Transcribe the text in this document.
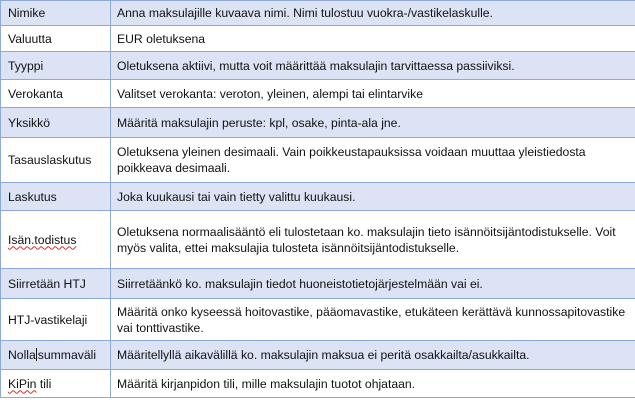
Nimike	Anna maksulajille kuvaava nimi. Nimi tulostuu vuokra-/vastikelaskulle.
Valuutta	EUR oletuksena
Tyyppi	Oletuksena aktiivi, mutta voit määrittää maksulajin tarvittaessa passiiviksi.
Verokanta	Valitset verokanta: veroton, yleinen, alempi tai elintarvike
Yksikkö	Määritä maksulajin peruste: kpl, osake, pinta-ala jne.
Tasauslaskutus	Oletuksena yleinen desimaali. Vain poikkeustapauksissa voidaan muuttaa yleistiedosta poikkeava desimaali.
Laskutus	Joka kuukausi tai vain tietty valittu kuukausi.
Isän.todistus	Oletuksena normaalisääntö eli tulostetaan ko. maksulajin tieto isännöitsijäntodistukselle. Voit myös valita, ettei maksulajia tulosteta isännöitsijäntodistukselle.
Siirretään HTJ	Siirretäänkö ko. maksulajin tiedot huoneistotietojärjestelmään vai ei.
HTJ-vastikelaji	Määritä onko kyseessä hoitovastike, pääomavastike, etukäteen kerättävä kunnossapitovastike vai tonttivastike.
Nolla summaväli	Määritellyllä aikavälillä ko. maksulajin maksua ei peritä osakkailta/asukkailta.
KiPin tili	Määritä kirjanpidon tili, mille maksulajin tuotot ohjataan.
